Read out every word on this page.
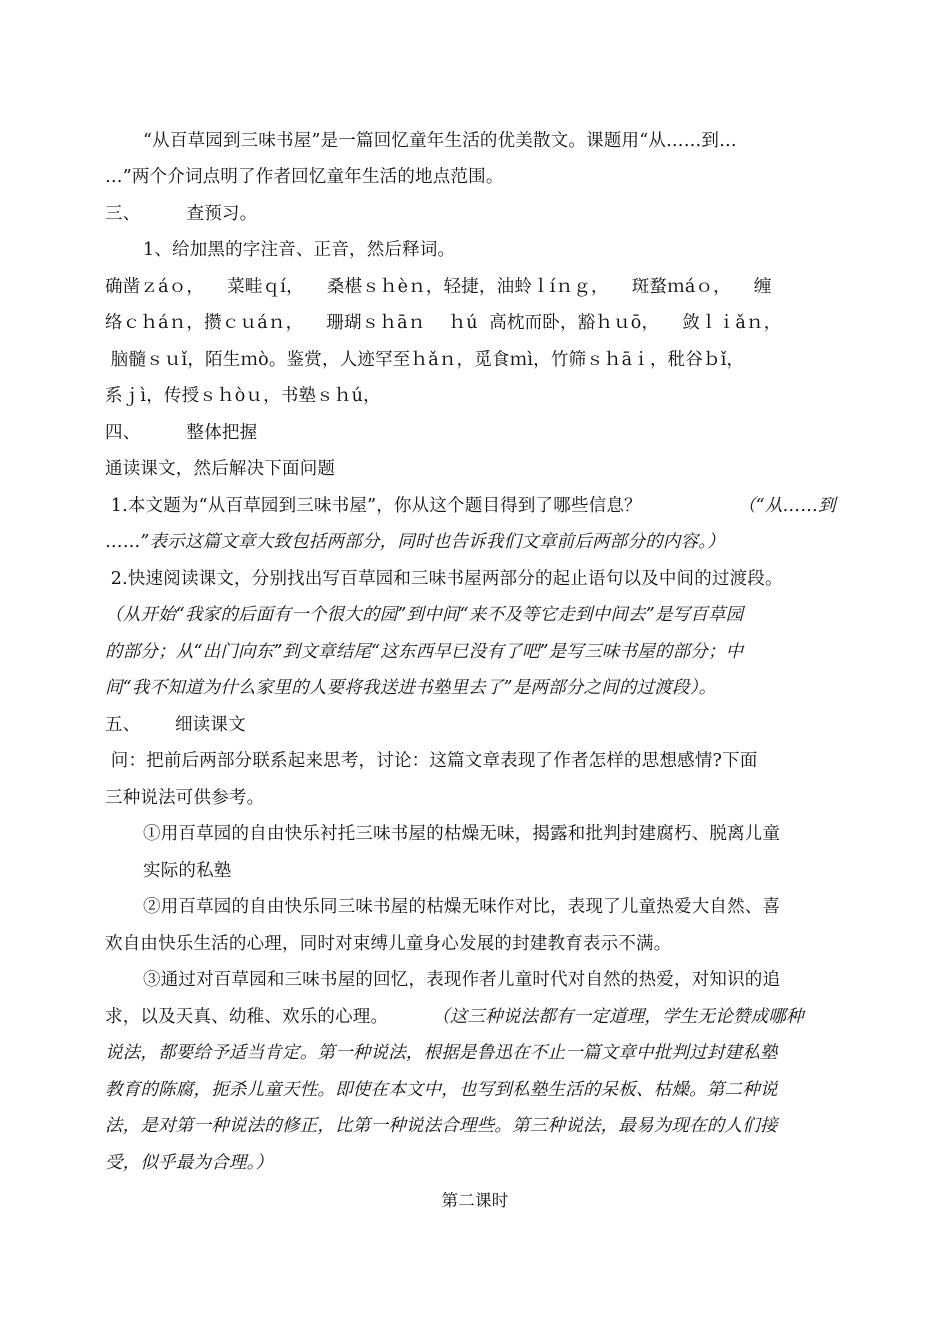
“从百草园到三味书屋”是一篇回忆童年生活的优美散文。课题用“从……到…

…”两个介词点明了作者回忆童年生活的地点范围。

三、        查预习。

1、给加黑的字注音、正音，然后释词。

确凿ｚáｏ，    菜畦ｑí，    桑椹ｓｈèｎ，轻捷，油蛉ｌíｎｇ，    斑蝥ｍáｏ，    缠

络ｃｈáｎ，攒ｃｕáｎ，    珊瑚ｓｈāｎ    ｈú  高枕而卧，豁ｈｕō，    敛ｌｉǎｎ，

脑髓ｓｕǐ，陌生ｍò。鉴赏，人迹罕至ｈǎｎ，觅食ｍì，竹筛ｓｈāｉ，秕谷ｂǐ，

系ｊì，传授ｓｈòｕ，书塾ｓｈú，

四、        整体把握

通读课文，然后解决下面问题

1.本文题为“从百草园到三味书屋”，你从这个题目得到了哪些信息？	（“从……到

……”表示这篇文章大致包括两部分，同时也告诉我们文章前后两部分的内容。）

2.快速阅读课文，分别找出写百草园和三味书屋两部分的起止语句以及中间的过渡段。

（从开始“我家的后面有一个很大的园”到中间“来不及等它走到中间去”是写百草园

的部分；从“出门向东”到文章结尾“这东西早已没有了吧”是写三味书屋的部分；中

间“我不知道为什么家里的人要将我送进书塾里去了”是两部分之间的过渡段）。

五、      细读课文

问：把前后两部分联系起来思考，讨论：这篇文章表现了作者怎样的思想感情?下面

三种说法可供参考。

①用百草园的自由快乐衬托三味书屋的枯燥无味，揭露和批判封建腐朽、脱离儿童

实际的私塾

②用百草园的自由快乐同三味书屋的枯燥无味作对比，表现了儿童热爱大自然、喜

欢自由快乐生活的心理，同时对束缚儿童身心发展的封建教育表示不满。

③通过对百草园和三味书屋的回忆，表现作者儿童时代对自然的热爱，对知识的追

求，以及天真、幼稚、欢乐的心理。	（这三种说法都有一定道理，学生无论赞成哪种

说法，都要给予适当肯定。第一种说法，根据是鲁迅在不止一篇文章中批判过封建私塾

教育的陈腐，扼杀儿童天性。即使在本文中，也写到私塾生活的呆板、枯燥。第二种说

法，是对第一种说法的修正，比第一种说法合理些。第三种说法，最易为现在的人们接

受，似乎最为合理。）

第二课时
